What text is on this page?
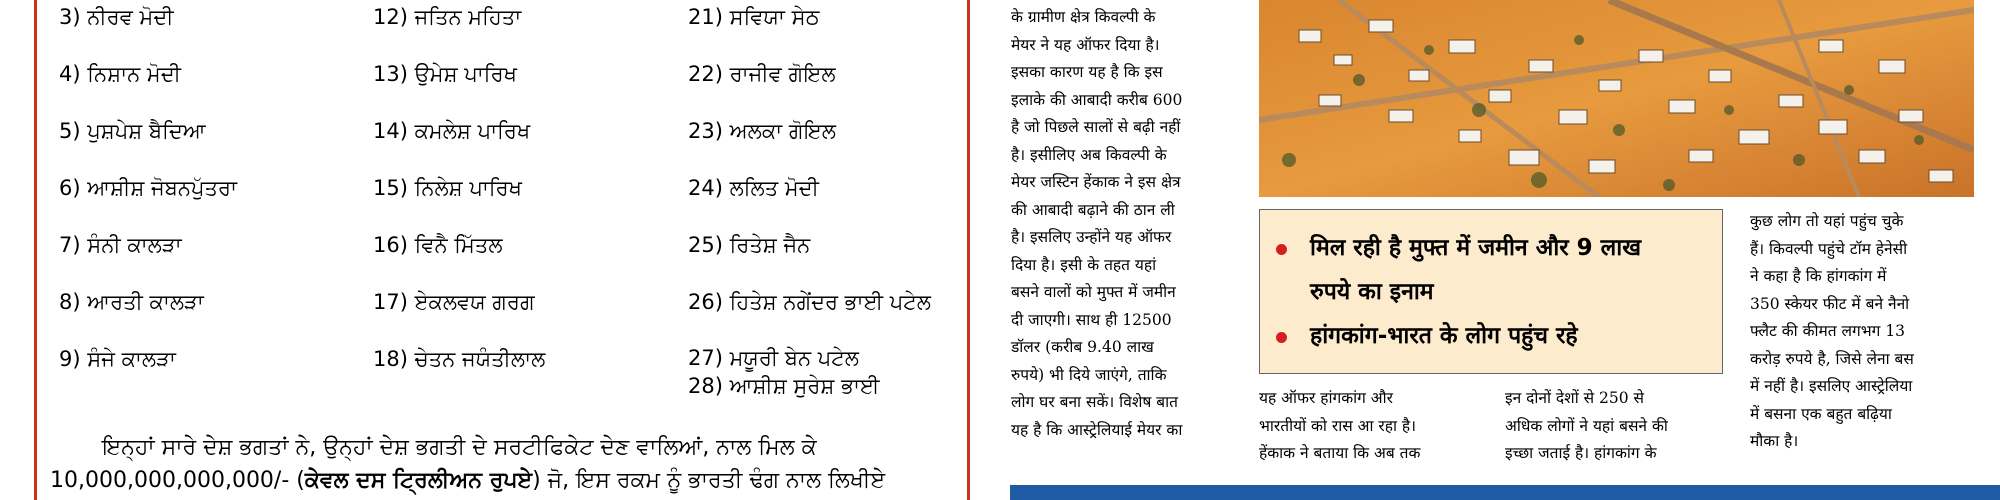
3) ਨੀਰਵ ਮੋਦੀ
4) ਨਿਸ਼ਾਨ ਮੋਦੀ
5) ਪੁਸ਼ਪੇਸ਼ ਬੈਦਿਆ
6) ਆਸ਼ੀਸ਼ ਜੋਬਨਪੁੱਤਰਾ
7) ਸੰਨੀ ਕਾਲੜਾ
8) ਆਰਤੀ ਕਾਲੜਾ
9) ਸੰਜੇ ਕਾਲੜਾ
12) ਜਤਿਨ ਮਹਿਤਾ
13) ਉਮੇਸ਼ ਪਾਰਿਖ
14) ਕਮਲੇਸ਼ ਪਾਰਿਖ
15) ਨਿਲੇਸ਼ ਪਾਰਿਖ
16) ਵਿਨੈ ਮਿੱਤਲ
17) ਏਕਲਵਯ ਗਰਗ
18) ਚੇਤਨ ਜਯੰਤੀਲਾਲ
21) ਸਵਿਯਾ ਸੇਠ
22) ਰਾਜੀਵ ਗੋਇਲ
23) ਅਲਕਾ ਗੋਇਲ
24) ਲਲਿਤ ਮੋਦੀ
25) ਰਿਤੇਸ਼ ਜੈਨ
26) ਹਿਤੇਸ਼ ਨਗੇਂਦਰ ਭਾਈ ਪਟੇਲ
27) ਮਯੂਰੀ ਬੇਨ ਪਟੇਲ
28) ਆਸ਼ੀਸ਼ ਸੁਰੇਸ਼ ਭਾਈ
ਇਨ੍ਹਾਂ ਸਾਰੇ ਦੇਸ਼ ਭਗਤਾਂ ਨੇ, ਉਨ੍ਹਾਂ ਦੇਸ਼ ਭਗਤੀ ਦੇ ਸਰਟੀਫਿਕੇਟ ਦੇਣ ਵਾਲਿਆਂ, ਨਾਲ ਮਿਲ ਕੇ
10,000,000,000,000/- (ਕੇਵਲ ਦਸ ਟ੍ਰਿਲੀਅਨ ਰੁਪਏ) ਜੋ, ਇਸ ਰਕਮ ਨੂੰ ਭਾਰਤੀ ਢੰਗ ਨਾਲ ਲਿਖੀਏ
के ग्रामीण क्षेत्र किवल्पी के
मेयर ने यह ऑफर दिया है।
इसका कारण यह है कि इस
इलाके की आबादी करीब 600
है जो पिछले सालों से बढ़ी नहीं
है। इसीलिए अब किवल्पी के
मेयर जस्टिन हेंकाक ने इस क्षेत्र
की आबादी बढ़ाने की ठान ली
है। इसलिए उन्होंने यह ऑफर
दिया है। इसी के तहत यहां
बसने वालों को मुफ्त में जमीन
दी जाएगी। साथ ही 12500
डॉलर (करीब 9.40 लाख
रुपये) भी दिये जाएंगे, ताकि
लोग घर बना सकें। विशेष बात
यह है कि आस्ट्रेलियाई मेयर का
मिल रही है मुफ्त में जमीन और 9 लाख
रुपये का इनाम
हांगकांग-भारत के लोग पहुंच रहे
यह ऑफर हांगकांग और
भारतीयों को रास आ रहा है।
हेंकाक ने बताया कि अब तक
इन दोनों देशों से 250 से
अधिक लोगों ने यहां बसने की
इच्छा जताई है। हांगकांग के
कुछ लोग तो यहां पहुंच चुके
हैं। किवल्पी पहुंचे टॉम हेनेसी
ने कहा है कि हांगकांग में
350 स्केयर फीट में बने नैनो
फ्लैट की कीमत लगभग 13
करोड़ रुपये है, जिसे लेना बस
में नहीं है। इसलिए आस्ट्रेलिया
में बसना एक बहुत बढ़िया
मौका है।
